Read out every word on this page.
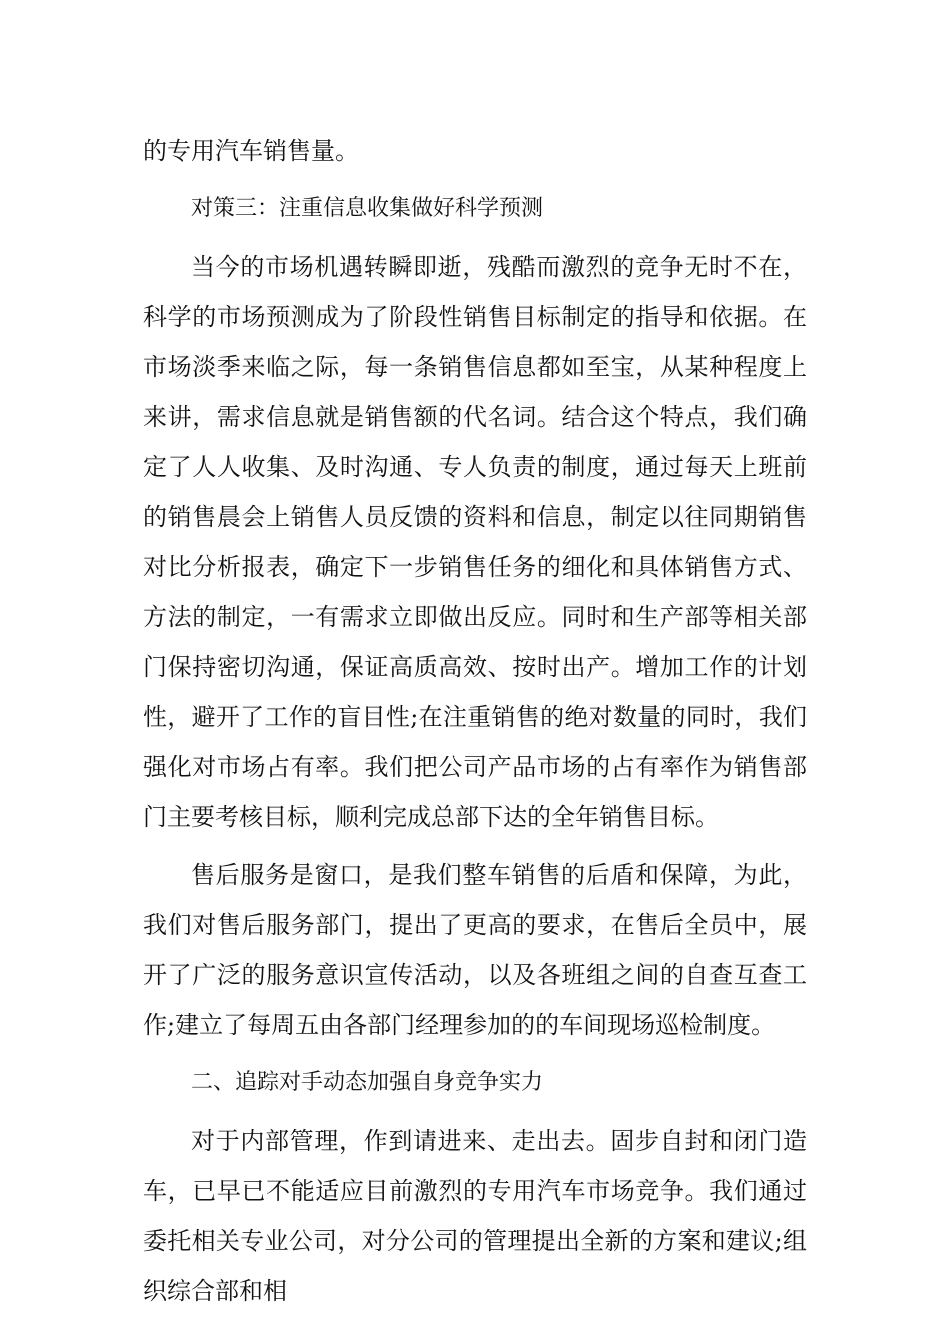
的专用汽车销售量。

对策三：注重信息收集做好科学预测

当今的市场机遇转瞬即逝，残酷而激烈的竞争无时不在，科学的市场预测成为了阶段性销售目标制定的指导和依据。在市场淡季来临之际，每一条销售信息都如至宝，从某种程度上来讲，需求信息就是销售额的代名词。结合这个特点，我们确定了人人收集、及时沟通、专人负责的制度，通过每天上班前的销售晨会上销售人员反馈的资料和信息，制定以往同期销售对比分析报表，确定下一步销售任务的细化和具体销售方式、方法的制定，一有需求立即做出反应。同时和生产部等相关部门保持密切沟通，保证高质高效、按时出产。增加工作的计划性，避开了工作的盲目性;在注重销售的绝对数量的同时，我们强化对市场占有率。我们把公司产品市场的占有率作为销售部门主要考核目标，顺利完成总部下达的全年销售目标。

售后服务是窗口，是我们整车销售的后盾和保障，为此，我们对售后服务部门，提出了更高的要求，在售后全员中，展开了广泛的服务意识宣传活动，以及各班组之间的自查互查工作;建立了每周五由各部门经理参加的的车间现场巡检制度。

二、追踪对手动态加强自身竞争实力

对于内部管理，作到请进来、走出去。固步自封和闭门造车，已早已不能适应目前激烈的专用汽车市场竞争。我们通过委托相关专业公司，对分公司的管理提出全新的方案和建议;组织综合部和相
